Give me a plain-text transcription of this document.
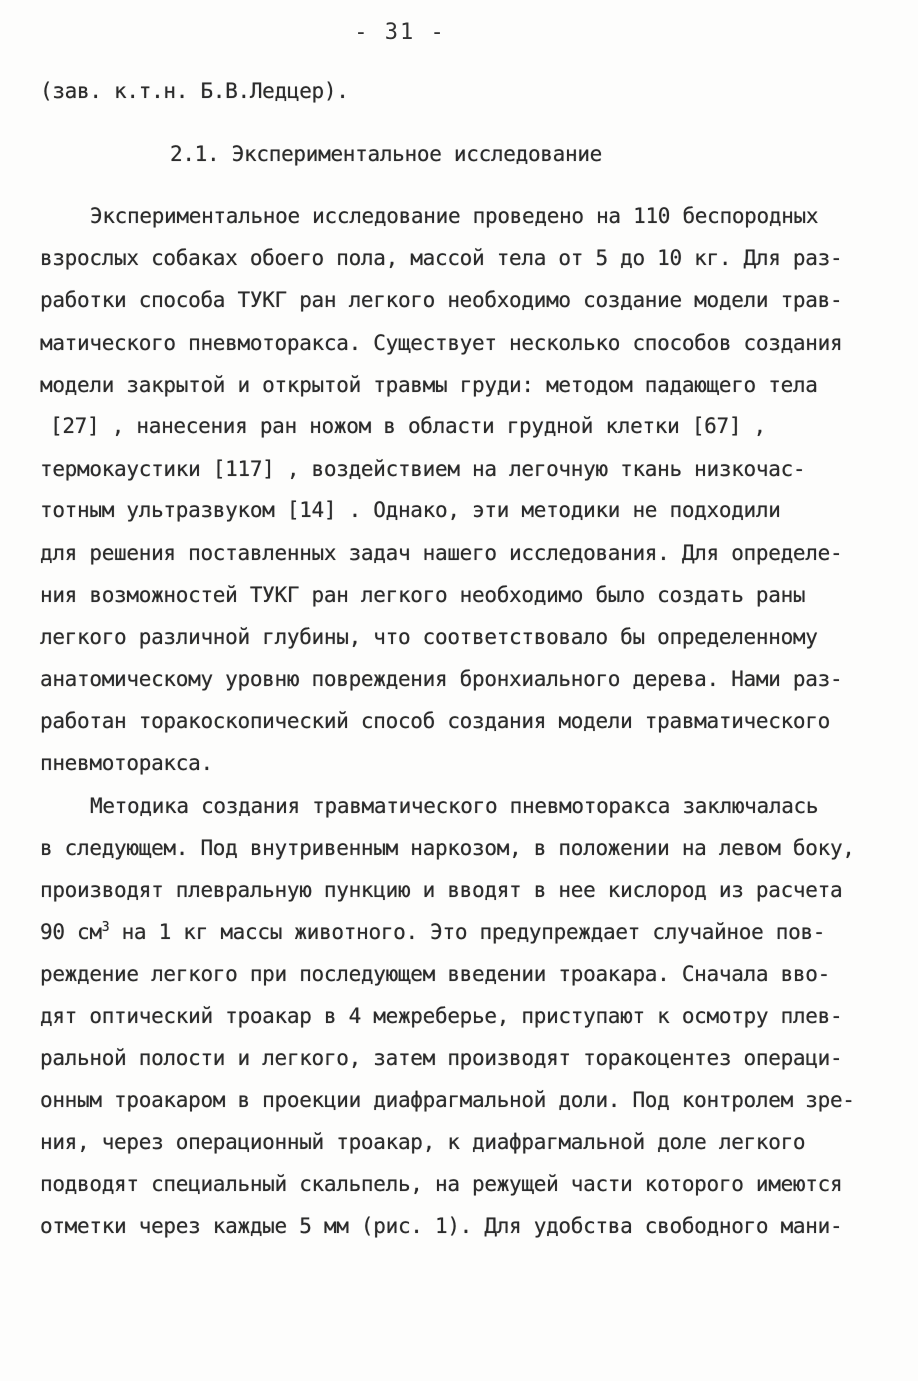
- 31 -
(зав. к.т.н. Б.В.Ледцер).
2.1. Экспериментальное исследование
Экспериментальное исследование проведено на 110 беспородных
взрослых собаках обоего пола, массой тела от 5 до 10 кг. Для раз-
работки способа ТУКГ ран легкого необходимо создание модели трав-
матического пневмоторакса. Существует несколько способов создания
модели закрытой и открытой травмы груди: методом падающего тела
[27] , нанесения ран ножом в области грудной клетки [67] ,
термокаустики [117] , воздействием на легочную ткань низкочас-
тотным ультразвуком [14] . Однако, эти методики не подходили
для решения поставленных задач нашего исследования. Для определе-
ния возможностей ТУКГ ран легкого необходимо было создать раны
легкого различной глубины, что соответствовало бы определенному
анатомическому уровню повреждения бронхиального дерева. Нами раз-
работан торакоскопический способ создания модели травматического
пневмоторакса.
Методика создания травматического пневмоторакса заключалась
в следующем. Под внутривенным наркозом, в положении на левом боку,
производят плевральную пункцию и вводят в нее кислород из расчета
90 $см^3$ на 1 кг массы животного. Это предупреждает случайное пов-
реждение легкого при последующем введении троакара. Сначала вво-
дят оптический троакар в 4 межреберье, приступают к осмотру плев-
ральной полости и легкого, затем производят торакоцентез операци-
онным троакаром в проекции диафрагмальной доли. Под контролем зре-
ния, через операционный троакар, к диафрагмальной доле легкого
подводят специальный скальпель, на режущей части которого имеются
отметки через каждые 5 мм (рис. 1). Для удобства свободного мани-
